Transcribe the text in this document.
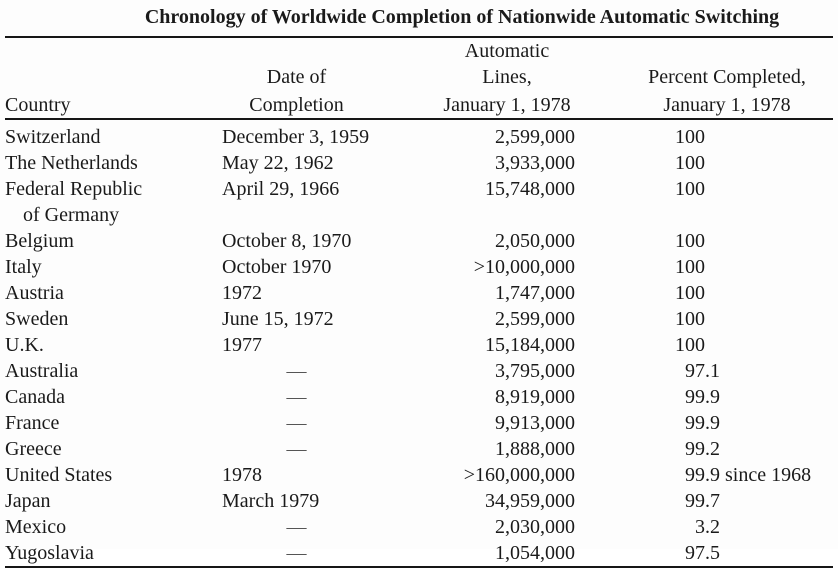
Chronology of Worldwide Completion of Nationwide Automatic Switching
	Date of	Automatic Lines,	Percent Completed,
Country	Completion	January 1, 1978	January 1, 1978

Switzerland	December 3, 1959	2,599,000	100

The Netherlands	May 22, 1962	3,933,000	100

Federal Republic
of Germany	April 29, 1966	15,748,000	100

Belgium	October 8, 1970	2,050,000	100

Italy	October 1970	>10,000,000	100

Austria	1972	1,747,000	100

Sweden	June 15, 1972	2,599,000	100

U.K.	1977	15,184,000	100

Australia	—	3,795,000	97.1

Canada	—	8,919,000	99.9

France	—	9,913,000	99.9

Greece	—	1,888,000	99.2

United States	1978	>160,000,000	99.9 since 1968

Japan	March 1979	34,959,000	99.7

Mexico	—	2,030,000	3.2

Yugoslavia	—	1,054,000	97.5
